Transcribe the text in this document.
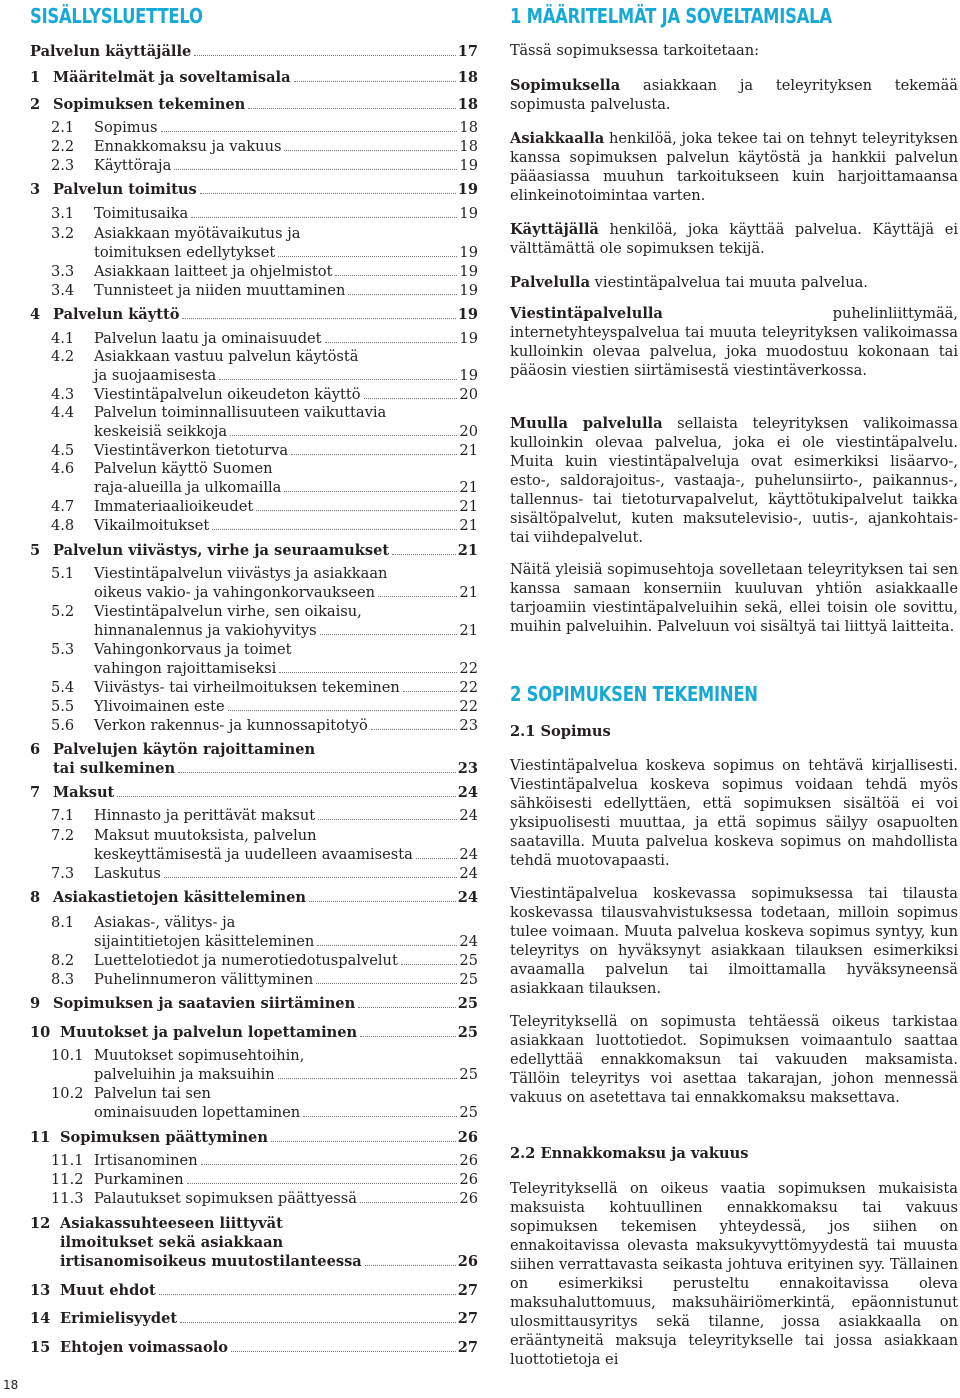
SISÄLLYSLUETTELO
Palvelun käyttäjälle	17
1 Määritelmät ja soveltamisala	18
2 Sopimuksen tekeminen	18
2.1 Sopimus	18
2.2 Ennakkomaksu ja vakuus	18
2.3 Käyttöraja	19
3 Palvelun toimitus	19
3.1 Toimitusaika	19
3.2 Asiakkaan myötävaikutus ja
toimituksen edellytykset	19
3.3 Asiakkaan laitteet ja ohjelmistot	19
3.4 Tunnisteet ja niiden muuttaminen	19
4 Palvelun käyttö	19
4.1 Palvelun laatu ja ominaisuudet	19
4.2 Asiakkaan vastuu palvelun käytöstä
ja suojaamisesta	19
4.3 Viestintäpalvelun oikeudeton käyttö	20
4.4 Palvelun toiminnallisuuteen vaikuttavia
keskeisiä seikkoja	20
4.5 Viestintäverkon tietoturva	21
4.6 Palvelun käyttö Suomen
raja-alueilla ja ulkomailla	21
4.7 Immateriaalioikeudet	21
4.8 Vikailmoitukset	21
5 Palvelun viivästys, virhe ja seuraamukset	21
5.1 Viestintäpalvelun viivästys ja asiakkaan
oikeus vakio- ja vahingonkorvaukseen	21
5.2 Viestintäpalvelun virhe, sen oikaisu,
hinnanalennus ja vakiohyvitys	21
5.3 Vahingonkorvaus ja toimet
vahingon rajoittamiseksi	22
5.4 Viivästys- tai virheilmoituksen tekeminen	22
5.5 Ylivoimainen este	22
5.6 Verkon rakennus- ja kunnossapitotyö	23
6 Palvelujen käytön rajoittaminen
tai sulkeminen	23
7 Maksut	24
7.1 Hinnasto ja perittävät maksut	24
7.2 Maksut muutoksista, palvelun
keskeyttämisestä ja uudelleen avaamisesta	24
7.3 Laskutus	24
8 Asiakastietojen käsitteleminen	24
8.1 Asiakas-, välitys- ja
sijaintitietojen käsitteleminen	24
8.2 Luettelotiedot ja numerotiedotuspalvelut	25
8.3 Puhelinnumeron välittyminen	25
9 Sopimuksen ja saatavien siirtäminen	25
10 Muutokset ja palvelun lopettaminen	25
10.1 Muutokset sopimusehtoihin,
palveluihin ja maksuihin	25
10.2 Palvelun tai sen
ominaisuuden lopettaminen	25
11 Sopimuksen päättyminen	26
11.1 Irtisanominen	26
11.2 Purkaminen	26
11.3 Palautukset sopimuksen päättyessä	26
12 Asiakassuhteeseen liittyvät
ilmoitukset sekä asiakkaan
irtisanomisoikeus muutostilanteessa	26
13 Muut ehdot	27
14 Erimielisyydet	27
15 Ehtojen voimassaolo	27
1 MÄÄRITELMÄT JA SOVELTAMISALA
Tässä sopimuksessa tarkoitetaan:
Sopimuksella asiakkaan ja teleyrityksen tekemää sopimusta palvelusta.
Asiakkaalla henkilöä, joka tekee tai on tehnyt teleyrityksen kanssa sopimuksen palvelun käytöstä ja hankkii palvelun pääasiassa muuhun tarkoitukseen kuin harjoittamaansa elinkeinotoimintaa varten.
Käyttäjällä henkilöä, joka käyttää palvelua. Käyttäjä ei välttämättä ole sopimuksen tekijä.
Palvelulla viestintäpalvelua tai muuta palvelua.
Viestintäpalvelulla puhelinliittymää, internetyhteyspalvelua tai muuta teleyrityksen valikoimassa kulloinkin olevaa palvelua, joka muodostuu kokonaan tai pääosin viestien siirtämisestä viestintäverkossa.
Muulla palvelulla sellaista teleyrityksen valikoimassa kulloinkin olevaa palvelua, joka ei ole viestintäpalvelu. Muita kuin viestintäpalveluja ovat esimerkiksi lisäarvo-, esto-, saldorajoitus-, vastaaja-, puhelunsiirto-, paikannus-, tallennus- tai tietoturvapalvelut, käyttötukipalvelut taikka sisältöpalvelut, kuten maksutelevisio-, uutis-, ajankohtais- tai viihdepalvelut.
Näitä yleisiä sopimusehtoja sovelletaan teleyrityksen tai sen kanssa samaan konserniin kuuluvan yhtiön asiakkaalle tarjoamiin viestintäpalveluihin sekä, ellei toisin ole sovittu, muihin palveluihin. Palveluun voi sisältyä tai liittyä laitteita.
2 SOPIMUKSEN TEKEMINEN
2.1 Sopimus
Viestintäpalvelua koskeva sopimus on tehtävä kirjallisesti. Viestintäpalvelua koskeva sopimus voidaan tehdä myös sähköisesti edellyttäen, että sopimuksen sisältöä ei voi yksipuolisesti muuttaa, ja että sopimus säilyy osapuolten saatavilla. Muuta palvelua koskeva sopimus on mahdollista tehdä muotovapaasti.
Viestintäpalvelua koskevassa sopimuksessa tai tilausta koskevassa tilausvahvistuksessa todetaan, milloin sopimus tulee voimaan. Muuta palvelua koskeva sopimus syntyy, kun teleyritys on hyväksynyt asiakkaan tilauksen esimerkiksi avaamalla palvelun tai ilmoittamalla hyväksyneensä asiakkaan tilauksen.
Teleyrityksellä on sopimusta tehtäessä oikeus tarkistaa asiakkaan luottotiedot. Sopimuksen voimaantulo saattaa edellyttää ennakkomaksun tai vakuuden maksamista. Tällöin teleyritys voi asettaa takarajan, johon mennessä vakuus on asetettava tai ennakkomaksu maksettava.
2.2 Ennakkomaksu ja vakuus
Teleyrityksellä on oikeus vaatia sopimuksen mukaisista maksuista kohtuullinen ennakkomaksu tai vakuus sopimuksen tekemisen yhteydessä, jos siihen on ennakoitavissa olevasta maksukyvyttömyydestä tai muusta siihen verrattavasta seikasta johtuva erityinen syy. Tällainen on esimerkiksi perusteltu ennakoitavissa oleva maksuhaluttomuus, maksuhäiriömerkintä, epäonnistunut ulosmittausyritys sekä tilanne, jossa asiakkaalla on erääntyneitä maksuja teleyritykselle tai jossa asiakkaan luottotietoja ei
18
